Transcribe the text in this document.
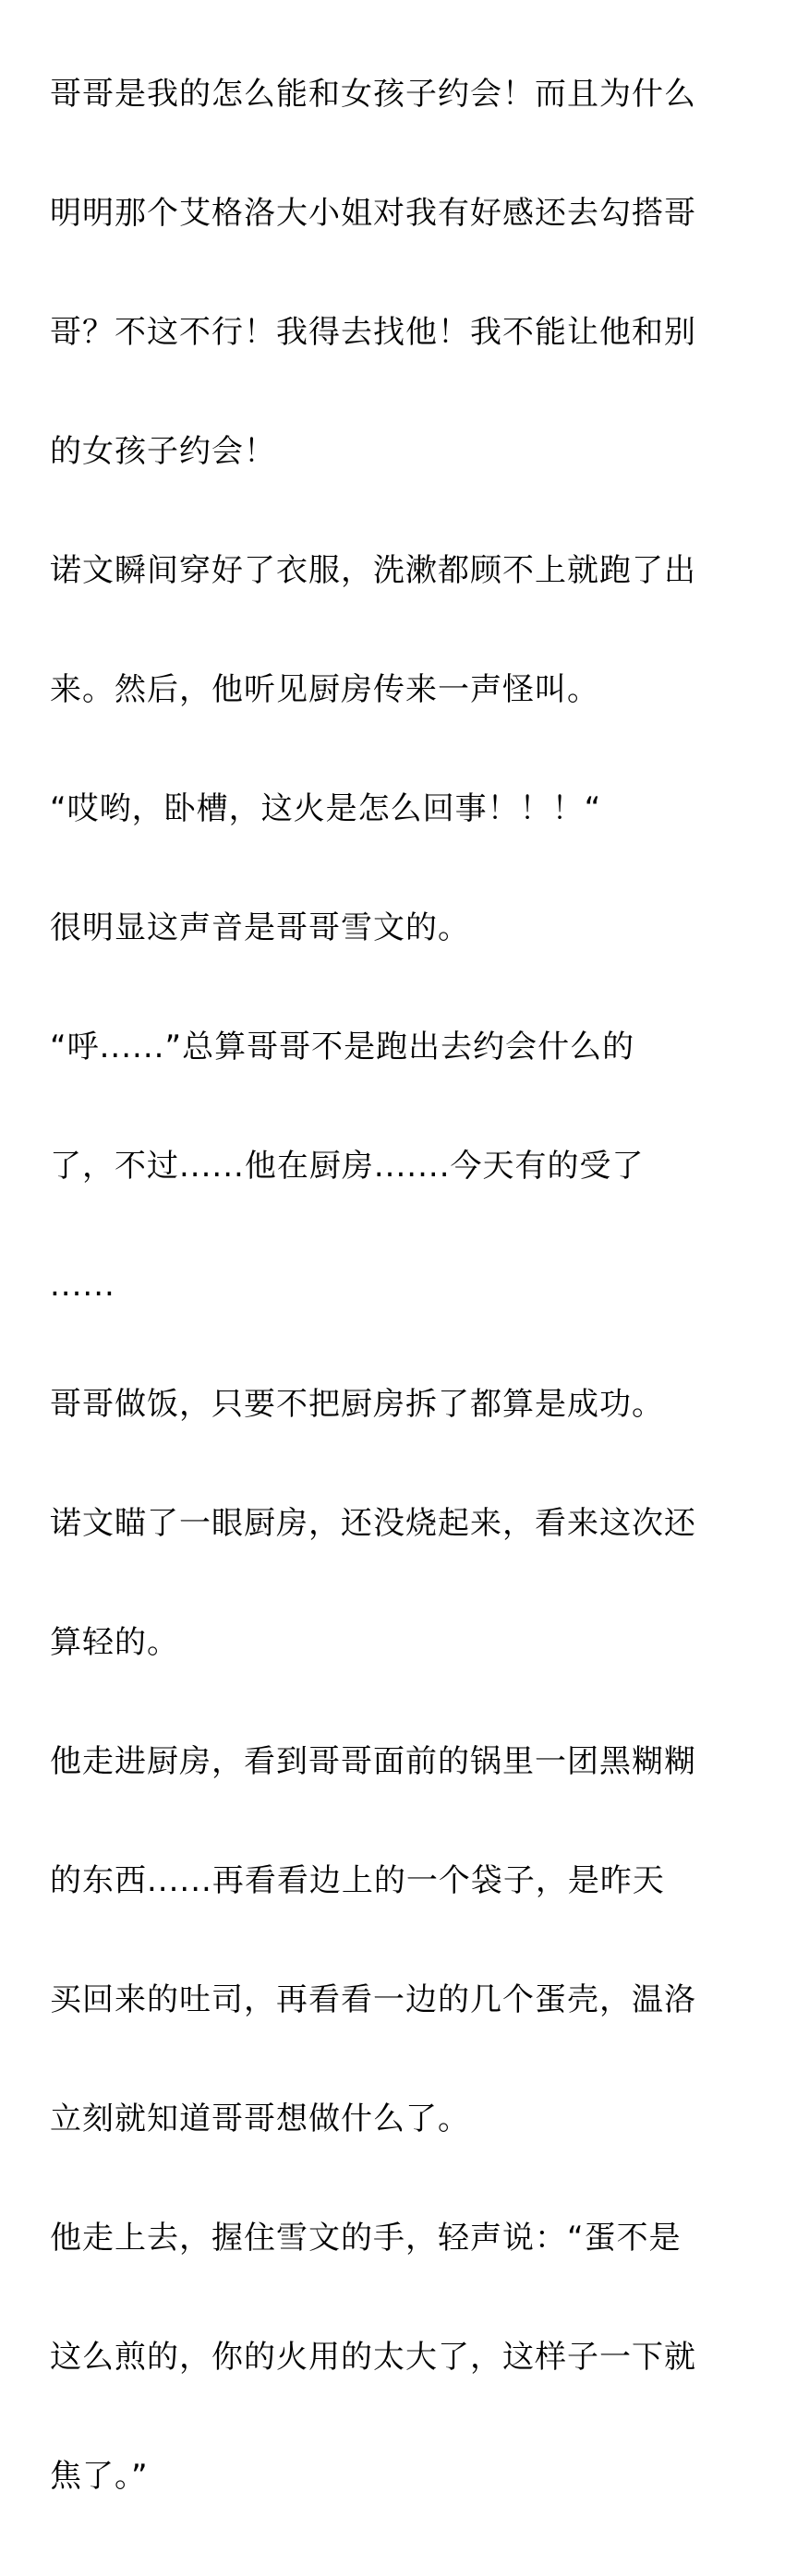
哥哥是我的怎么能和女孩子约会！而且为什么

明明那个艾格洛大小姐对我有好感还去勾搭哥

哥？不这不行！我得去找他！我不能让他和别

的女孩子约会！

诺文瞬间穿好了衣服，洗漱都顾不上就跑了出

来。然后，他听见厨房传来一声怪叫。

“哎哟，卧槽，这火是怎么回事！！！“

很明显这声音是哥哥雪文的。

“呼......”总算哥哥不是跑出去约会什么的

了，不过......他在厨房.......今天有的受了

......

哥哥做饭，只要不把厨房拆了都算是成功。

诺文瞄了一眼厨房，还没烧起来，看来这次还

算轻的。

他走进厨房，看到哥哥面前的锅里一团黑糊糊

的东西......再看看边上的一个袋子，是昨天

买回来的吐司，再看看一边的几个蛋壳，温洛

立刻就知道哥哥想做什么了。

他走上去，握住雪文的手，轻声说：“蛋不是

这么煎的，你的火用的太大了，这样子一下就

焦了。”
